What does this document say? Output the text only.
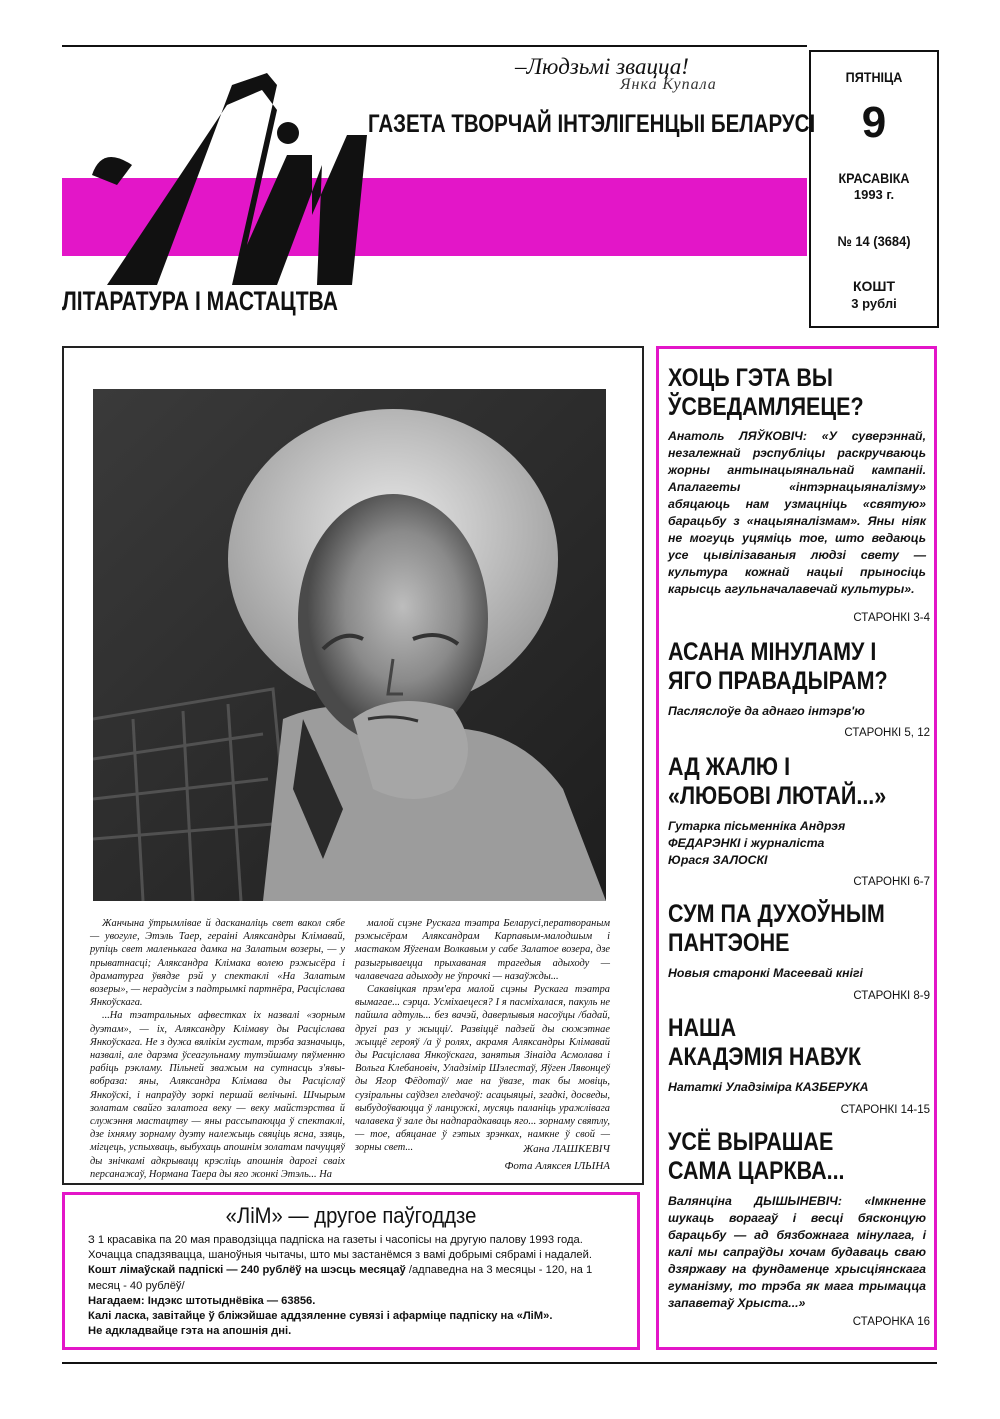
–Людзьмі звацца!
Янка Купала
ГАЗЕТА ТВОРЧАЙ ІНТЭЛІГЕНЦЫІ БЕЛАРУСІ
ЛІТАРАТУРА І МАСТАЦТВА
ПЯТНІЦА
9
КРАСАВІКА
1993 г.
№ 14 (3684)
КОШТ
3 рублі

Жанчына ўтрымлівае й дасканаліць свет вакол сябе — увогуле, Этэль Таер, гераіні Аляксандры Клімавай, рупіць свет маленькага дамка на Залатым возеры, — у прыватнасці; Аляксандра Клімака волею рэжысёра і драматурга ўвядзе рэй у спектаклі «На Залатым возеры», — нерадусім з падтрымкі партнёра, Расціслава Янкоўскага.

...На тэатральных афвестках іх назвалі «зорным дуэтам», — іх, Аляксандру Клімаву ды Расціслава Янкоўскага. Не з дужа вялікім густам, трэба зазначыць, назвалі, але дарэма ўсеагульнаму тутэйшаму пяўменню рабіць рэкламу. Пільней зважым на сутнасць з'явы-вобраза: яны, Аляксандра Клімава ды Расціслаў Янкоўскі, і напраўду зоркі першай велічыні. Шчырым золатам свайго залатога веку — веку майстэрства й служэння мастацтву — яны рассыпаюцца ў спектаклі, дзе іхняму зорнаму дуэту належыць свяціць ясна, ззяць, мігцець, успыхваць, выбухаць апошнім золатам пачуццяў ды знічкамі адкрывацц крэсліць апошнія дарогі сваіх персанажаў, Нормана Таера ды яго жонкі Этэль... На

малой сцэне Рускага тэатра Беларусі,ператвораным рэжысёрам Аляксандрам Карпавым-малодшым і мастаком Яўгенам Волкавым у сабе Залатое возера, дзе разыгрываецца прыхаваная трагедыя адыходу — чалавечага адыходу не ўпрочкі — назаўжды...

Сакавіцкая прэм'ера малой сцэны Рускага тэатра вымагае... сэрца. Усміхаецеся? І я пасміхалася, пакуль не пайшла адтуль... без вачэй, даверлывыя насоўцы /бадай, другі раз у жыцці/. Развіццё падзей ды сюжэтнае жыццё герояў /а ў ролях, акрамя Аляксандры Клімавай ды Расціслава Янкоўскага, занятыя Зінаіда Асмолава і Вольга Клебановіч, Уладзімір Шэлестаў, Яўген Лявонцеў ды Ягор Фёдотаў/ мае на ўвазе, так бы мовіць, сузіральны саўдзел гледачоў: асацыяцыі, згадкі, досведы, выбудоўваюцца ў ланцужкі, мусяць паланіць уражлівага чалавека ў зале ды надпарадкаваць яго... зорнаму святлу, — тое, абяцанае ў гэтых зрэнках, намкне ў свой — зорны свет...	Жана ЛАШКЕВІЧ
Фота Аляксея ІЛЬІНА
«ЛіМ» — другое паўгоддзе
З 1 красавіка па 20 мая праводзіцца падпіска на газеты і часопісы на другую палову 1993 года.
Хочацца спадзявацца, шаноўныя чытачы, што мы застанёмся з вамі добрымі сябрамі і надалей.
Кошт лімаўскай падпіскі — 240 рублёў на шэсць месяцаў /адпаведна на 3 месяцы - 120, на 1 месяц - 40 рублёў/
Нагадаем: Індэкс штотыднёвіка — 63856.
Калі ласка, завітайце ў бліжэйшае аддзяленне сувязі і афарміце падпіску на «ЛіМ».
Не адкладвайце гэта на апошнія дні.
ХОЦЬ ГЭТА ВЫ
ЎСВЕДАМЛЯЕЦЕ?
Анатоль ЛЯЎКОВІЧ: «У суверэннай, незалежнай рэспубліцы раскручваюць жорны антынацыянальнай кампаніі. Апалагеты «інтэрнацыяналізму» абяцаюць нам узмацніць «святую» барацьбу з «нацыяналізмам». Яны ніяк не могуць уцяміць тое, што ведаюць усе цывілізаваныя людзі свету — культура кожнай нацыі прыносіць карысць агульначалавечай культуры».
СТАРОНКІ 3-4
АСАНА МІНУЛАМУ І
ЯГО ПРАВАДЫРАМ?
Пасляслоўе да аднаго інтэрв'ю
СТАРОНКІ 5, 12
АД ЖАЛЮ І
«ЛЮБОВІ ЛЮТАЙ...»
Гутарка пісьменніка Андрэя ФЕДАРЭНКІ і журналіста Юрася ЗАЛОСКІ
СТАРОНКІ 6-7
СУМ ПА ДУХОЎНЫМ
ПАНТЭОНЕ
Новыя старонкі Масеевай кнігі
СТАРОНКІ 8-9
НАША
АКАДЭМІЯ НАВУК
Нататкі Уладзіміра КАЗБЕРУКА
СТАРОНКІ 14-15
УСЁ ВЫРАШАЕ
САМА ЦАРКВА...
Валянціна ДЫШЫНЕВІЧ: «Імкненне шукаць ворагаў і весці бясконцую барацьбу — ад бязбожнага мінулага, і калі мы сапраўды хочам будаваць сваю дзяржаву на фундаменце хрысціянскага гуманізму, то трэба як мага трымацца запаветаў Хрыста...»
СТАРОНКА 16
